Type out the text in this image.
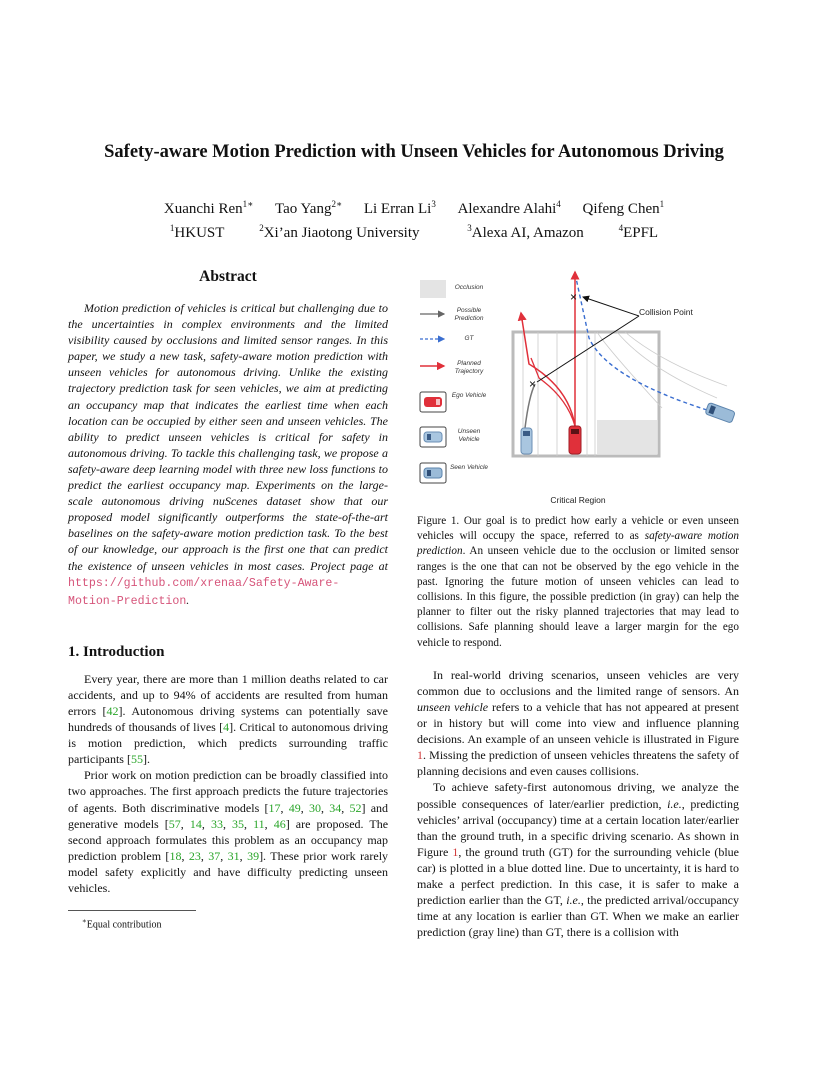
Safety-aware Motion Prediction with Unseen Vehicles for Autonomous Driving
Xuanchi Ren$^{1∗}$ Tao Yang$^{2∗}$ Li Erran Li$^3$ Alexandre Alahi$^4$ Qifeng Chen$^1$
$^1$HKUST	$^2$Xi’an Jiaotong University	$^3$Alexa AI, Amazon	$^4$EPFL
Abstract

Motion prediction of vehicles is critical but challenging due to the uncertainties in complex environments and the limited visibility caused by occlusions and limited sensor ranges. In this paper, we study a new task, safety-aware motion prediction with unseen vehicles for autonomous driving. Unlike the existing trajectory prediction task for seen vehicles, we aim at predicting an occupancy map that indicates the earliest time when each location can be occupied by either seen and unseen vehicles. The ability to predict unseen vehicles is critical for safety in autonomous driving. To tackle this challenging task, we propose a safety-aware deep learning model with three new loss functions to predict the earliest occupancy map. Experiments on the large-scale autonomous driving nuScenes dataset show that our proposed model significantly outperforms the state-of-the-art baselines on the safety-aware motion prediction task. To the best of our knowledge, our approach is the first one that can predict the existence of unseen vehicles in most cases. Project page at https://github.com/xrenaa/Safety-Aware-Motion-Prediction.

1. Introduction

Every year, there are more than 1 million deaths related to car accidents, and up to 94% of accidents are resulted from human errors [42]. Autonomous driving systems can potentially save hundreds of thousands of lives [4]. Critical to autonomous driving is motion prediction, which predicts surrounding traffic participants [55].

Prior work on motion prediction can be broadly classified into two approaches. The first approach predicts the future trajectories of agents. Both discriminative models [17, 49, 30, 34, 52] and generative models [57, 14, 33, 35, 11, 46] are proposed. The second approach formulates this problem as an occupancy map prediction problem [18, 23, 37, 31, 39]. These prior work rarely model safety explicitly and have difficulty predicting unseen vehicles.

∗Equal contribution
×
×
Occlusion
Possible Prediction
GT
Planned Trajectory
Ego Vehicle
Unseen Vehicle
Seen Vehicle
Collision Point
Critical Region

Figure 1. Our goal is to predict how early a vehicle or even unseen vehicles will occupy the space, referred to as safety-aware motion prediction. An unseen vehicle due to the occlusion or limited sensor ranges is the one that can not be observed by the ego vehicle in the past. Ignoring the future motion of unseen vehicles can lead to collisions. In this figure, the possible prediction (in gray) can help the planner to filter out the risky planned trajectories that may lead to collisions. Safe planning should leave a larger margin for the ego vehicle to respond.

In real-world driving scenarios, unseen vehicles are very common due to occlusions and the limited range of sensors. An unseen vehicle refers to a vehicle that has not appeared at present or in history but will come into view and influence planning decisions. An example of an unseen vehicle is illustrated in Figure 1. Missing the prediction of unseen vehicles threatens the safety of planning decisions and even causes collisions.

To achieve safety-first autonomous driving, we analyze the possible consequences of later/earlier prediction, i.e., predicting vehicles’ arrival (occupancy) time at a certain location later/earlier than the ground truth, in a specific driving scenario. As shown in Figure 1, the ground truth (GT) for the surrounding vehicle (blue car) is plotted in a blue dotted line. Due to uncertainty, it is hard to make a perfect prediction. In this case, it is safer to make a prediction earlier than the GT, i.e., the predicted arrival/occupancy time at any location is earlier than GT. When we make an earlier prediction (gray line) than GT, there is a collision with
